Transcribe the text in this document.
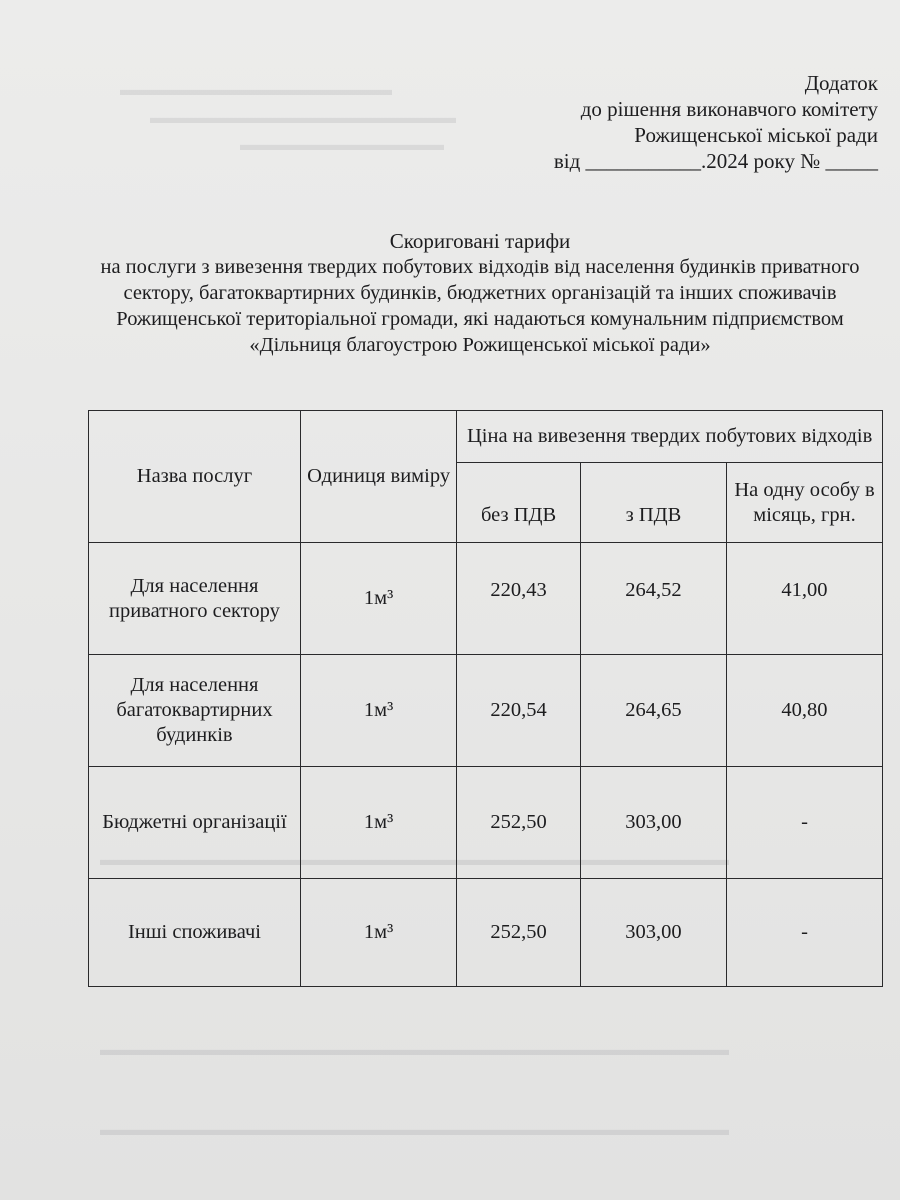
▬▬▬▬▬▬▬▬▬▬▬▬▬▬▬▬
▬▬▬▬▬▬▬▬▬▬▬▬▬▬▬▬▬▬
▬▬▬▬▬▬▬▬▬▬▬▬
▬▬▬▬▬▬▬▬▬▬▬▬▬▬▬▬▬▬▬▬▬▬▬▬▬▬▬▬▬▬▬▬▬▬▬▬▬
▬▬▬▬▬▬▬▬▬▬▬▬▬▬▬▬▬▬▬▬▬▬▬▬▬▬▬▬▬▬▬▬▬▬▬▬▬
▬▬▬▬▬▬▬▬▬▬▬▬▬▬▬▬▬▬▬▬▬▬▬▬▬▬▬▬▬▬▬▬▬▬▬▬▬
Додаток
до рішення виконавчого комітету
Рожищенської міської ради
від ___________.2024 року № _____
Скориговані тарифи
на послуги з вивезення твердих побутових відходів від населення будинків приватного сектору, багатоквартирних будинків, бюджетних організацій та інших споживачів Рожищенської територіальної громади, які надаються комунальним підприємством «Дільниця благоустрою Рожищенської міської ради»
Назва послуг	Одиниця виміру	Ціна на вивезення твердих побутових відходів		
		без ПДВ	з ПДВ	На одну особу в місяць, грн.
Для населення приватного сектору	1м³	220,43	264,52	41,00
Для населення багатоквартирних будинків	1м³	220,54	264,65	40,80
Бюджетні організації	1м³	252,50	303,00	-
Інші споживачі	1м³	252,50	303,00	-
